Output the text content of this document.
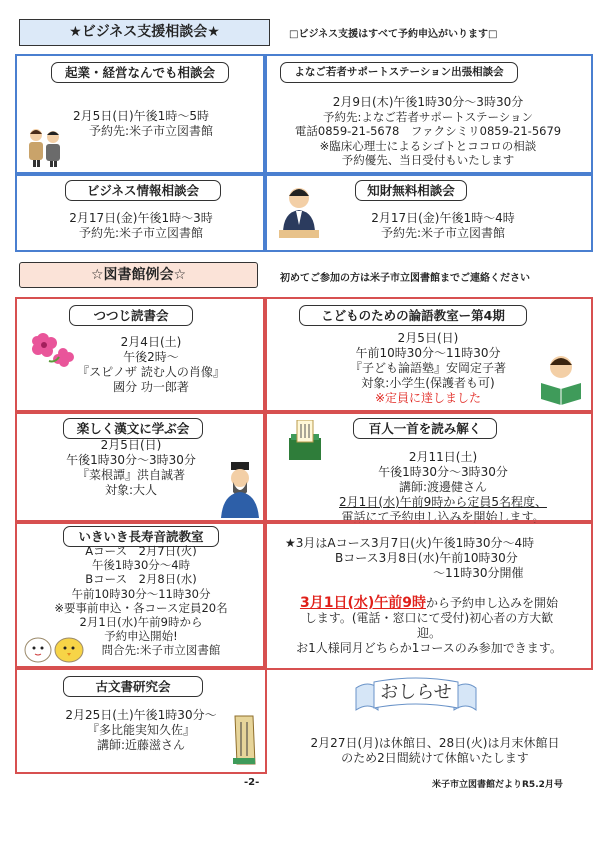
★ビジネス支援相談会★	□ビジネス支援はすべて予約申込がいります□
起業・経営なんでも相談会
2月5日(日)午後1時〜5時
予約先:米子市立図書館
よなご若者サポートステーション出張相談会
2月9日(木)午後1時30分〜3時30分
予約先:よなご若者サポートステーション
電話0859-21-5678　ファクシミリ0859-21-5679
※臨床心理士によるシゴトとココロの相談
予約優先、当日受付もいたします
ビジネス情報相談会
2月17日(金)午後1時〜3時
予約先:米子市立図書館
知財無料相談会
2月17日(金)午後1時〜4時
予約先:米子市立図書館
☆図書館例会☆	初めてご参加の方は米子市立図書館までご連絡ください
つつじ読書会
2月4日(土)
午後2時〜
『スピノザ 読む人の肖像』
國分 功一郎著
こどものための論語教室ー第4期
2月5日(日)
午前10時30分〜11時30分
『子ども論語塾』安岡定子著
対象:小学生(保護者も可)
※定員に達しました
楽しく漢文に学ぶ会
2月5日(日)
午後1時30分〜3時30分
『菜根譚』洪自誠著
対象:大人
百人一首を読み解く
2月11日(土)
午後1時30分〜3時30分
講師:渡邊健さん
2月1日(水)午前9時から定員5名程度、
電話にて予約申し込みを開始します。
いきいき長寿音読教室
Aコース　2月7日(火)
午後1時30分〜4時
Bコース　2月8日(水)
午前10時30分〜11時30分
※要事前申込・各コース定員20名
2月1日(水)午前9時から
予約申込開始!
問合先:米子市立図書館
★3月はAコース3月7日(火)午後1時30分〜4時
Bコース3月8日(水)午前10時30分
〜11時30分開催
3月1日(水)午前9時から予約申し込みを開始
します。(電話・窓口にて受付)初心者の方大歓
迎。
お1人様同月どちらか1コースのみ参加できます。
古文書研究会
2月25日(土)午後1時30分〜
『多比能実知久佐』
講師:近藤滋さん
おしらせ
2月27日(月)は休館日、28日(火)は月末休館日
のため2日間続けて休館いたします
-2-	米子市立図書館だよりR5.2月号
